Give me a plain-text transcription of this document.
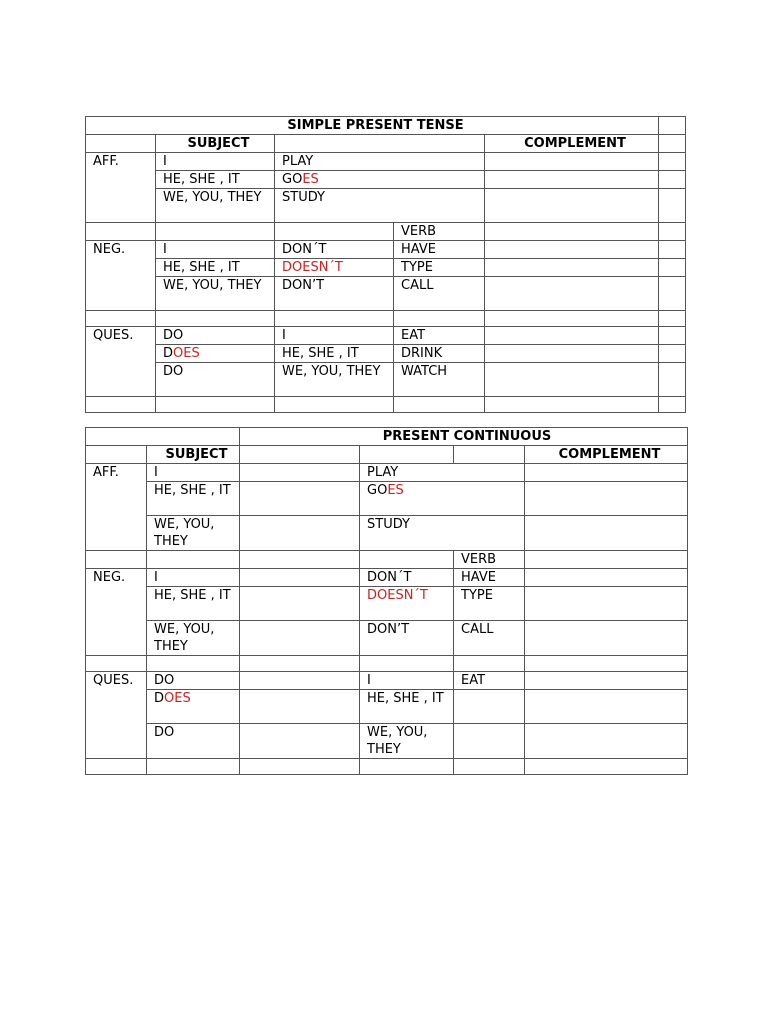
SIMPLE PRESENT TENSE					
	SUBJECT			COMPLEMENT	
AFF.	I	PLAY			
	HE, SHE , IT	GOES			
	WE, YOU, THEY	STUDY			
			VERB		
NEG.	I	DON´T	HAVE		
	HE, SHE , IT	DOESN´T	TYPE		
	WE, YOU, THEY	DON’T	CALL		

QUES.	DO	I	EAT		
	DOES	HE, SHE , IT	DRINK		
	DO	WE, YOU, THEY	WATCH		

		PRESENT CONTINUOUS			
	SUBJECT				COMPLEMENT
AFF.	I		PLAY		
	HE, SHE , IT		GOES		
	WE, YOU, THEY		STUDY		
				VERB	
NEG.	I		DON´T	HAVE	
	HE, SHE , IT		DOESN´T	TYPE	
	WE, YOU, THEY		DON’T	CALL	

QUES.	DO		I	EAT	
	DOES		HE, SHE , IT		
	DO		WE, YOU, THEY		
